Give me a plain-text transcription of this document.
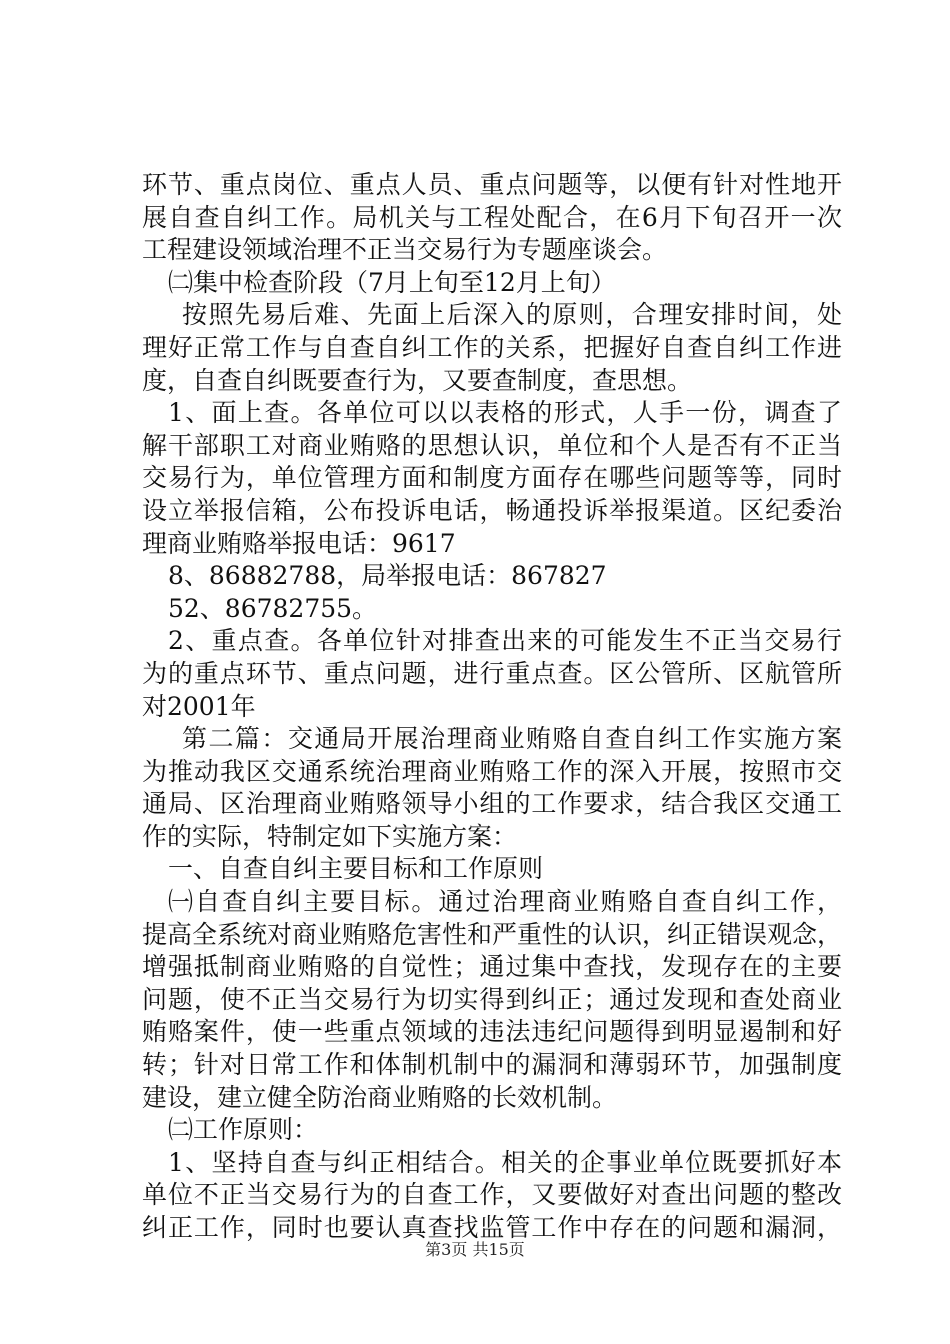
环节、重点岗位、重点人员、重点问题等，以便有针对性地开
展自查自纠工作。局机关与工程处配合，在6月下旬召开一次
工程建设领域治理不正当交易行为专题座谈会。
㈡集中检查阶段（7月上旬至12月上旬）
按照先易后难、先面上后深入的原则，合理安排时间，处
理好正常工作与自查自纠工作的关系，把握好自查自纠工作进
度，自查自纠既要查行为，又要查制度，查思想。
1、面上查。各单位可以以表格的形式，人手一份，调查了
解干部职工对商业贿赂的思想认识，单位和个人是否有不正当
交易行为，单位管理方面和制度方面存在哪些问题等等，同时
设立举报信箱，公布投诉电话，畅通投诉举报渠道。区纪委治
理商业贿赂举报电话：9617
8、86882788，局举报电话：867827
52、86782755。
2、重点查。各单位针对排查出来的可能发生不正当交易行
为的重点环节、重点问题，进行重点查。区公管所、区航管所
对2001年
第二篇：交通局开展治理商业贿赂自查自纠工作实施方案
为推动我区交通系统治理商业贿赂工作的深入开展，按照市交
通局、区治理商业贿赂领导小组的工作要求，结合我区交通工
作的实际，特制定如下实施方案：
一、自查自纠主要目标和工作原则
㈠自查自纠主要目标。通过治理商业贿赂自查自纠工作，
提高全系统对商业贿赂危害性和严重性的认识，纠正错误观念，
增强抵制商业贿赂的自觉性；通过集中查找，发现存在的主要
问题，使不正当交易行为切实得到纠正；通过发现和查处商业
贿赂案件，使一些重点领域的违法违纪问题得到明显遏制和好
转；针对日常工作和体制机制中的漏洞和薄弱环节，加强制度
建设，建立健全防治商业贿赂的长效机制。
㈡工作原则：
1、坚持自查与纠正相结合。相关的企事业单位既要抓好本
单位不正当交易行为的自查工作，又要做好对查出问题的整改
纠正工作，同时也要认真查找监管工作中存在的问题和漏洞，
第3页 共15页
